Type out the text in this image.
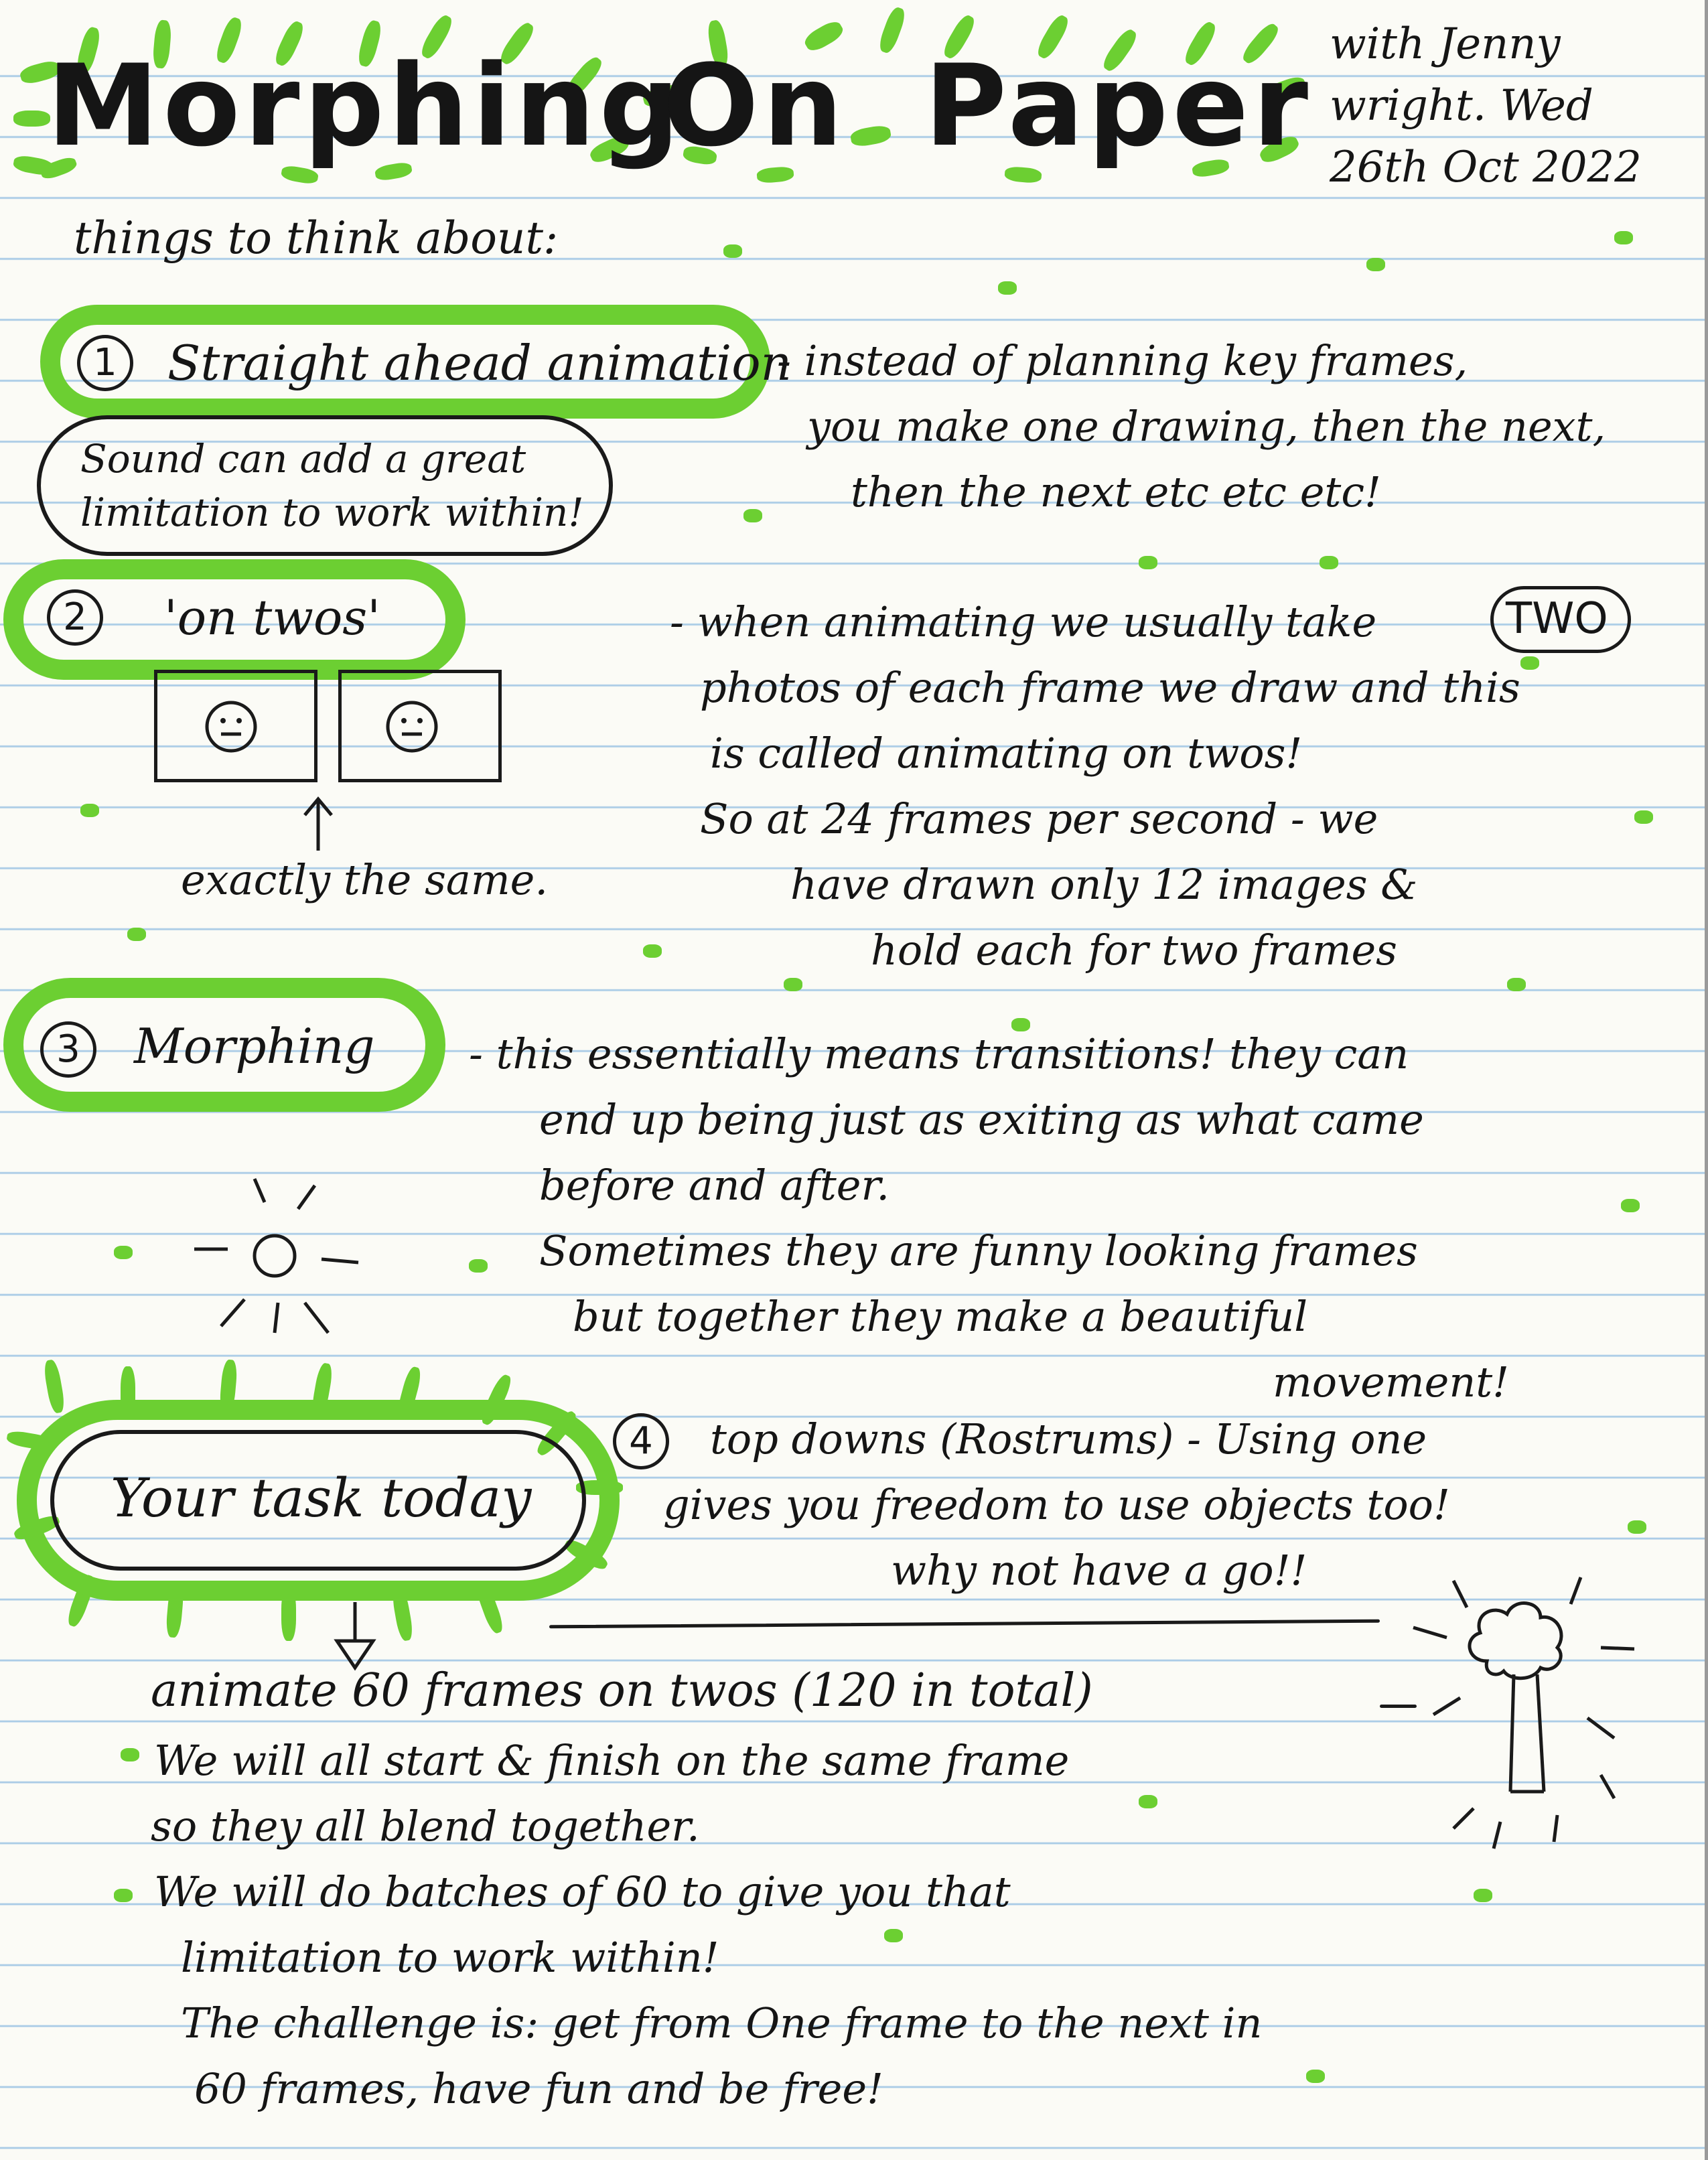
Morphing
On Paper with Jenny
wright. Wed
26th Oct 2022
things to think about:
1	Straight ahead animation
- instead of planning key frames,
you make one drawing, then the next,
then the next etc etc etc!
Sound can add a great
limitation to work within!
2	'on twos'
exactly the same.
- when animating we usually take
photos of each frame we draw and this
is called animating on twos!
So at 24 frames per second - we
have drawn only 12 images &
hold each for two frames
TWO
3	Morphing - this essentially means transitions! they can
end up being just as exiting as what came
before and after.
Sometimes they are funny looking frames
but together they make a beautiful
movement!
Your task today
4	top downs (Rostrums) - Using one
gives you freedom to use objects too!
why not have a go!!
animate 60 frames on twos (120 in total)
We will all start & finish on the same frame
so they all blend together.
We will do batches of 60 to give you that
limitation to work within!
The challenge is: get from One frame to the next in
60 frames, have fun and be free!
